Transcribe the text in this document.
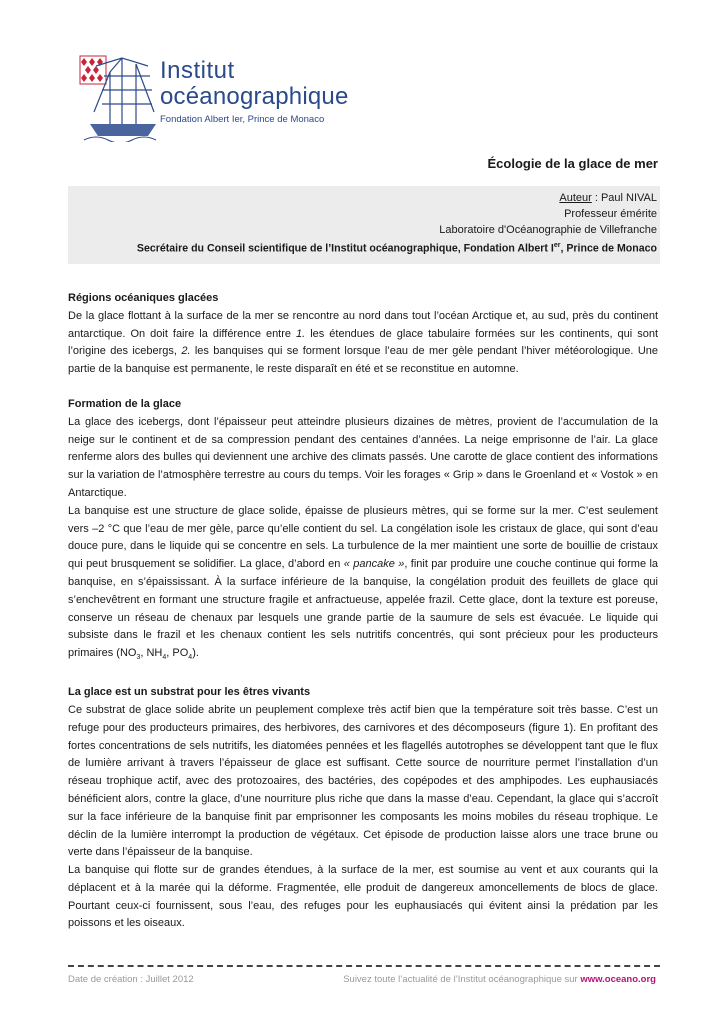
Institut
océanographique
Fondation Albert Ier, Prince de Monaco
Écologie de la glace de mer
Auteur : Paul NIVAL
Professeur émérite
Laboratoire d'Océanographie de Villefranche
Secrétaire du Conseil scientifique de l’Institut océanographique, Fondation Albert Ier, Prince de Monaco
Régions océaniques glacées

De la glace flottant à la surface de la mer se rencontre au nord dans tout l’océan Arctique et, au sud, près du continent antarctique. On doit faire la différence entre 1. les étendues de glace tabulaire formées sur les continents, qui sont l’origine des icebergs, 2. les banquises qui se forment lorsque l’eau de mer gèle pendant l’hiver météorologique. Une partie de la banquise est permanente, le reste disparaît en été et se reconstitue en automne.

Formation de la glace

La glace des icebergs, dont l’épaisseur peut atteindre plusieurs dizaines de mètres, provient de l’accumulation de la neige sur le continent et de sa compression pendant des centaines d’années. La neige emprisonne de l’air. La glace renferme alors des bulles qui deviennent une archive des climats passés. Une carotte de glace contient des informations sur la variation de l’atmosphère terrestre au cours du temps. Voir les forages « Grip » dans le Groenland et « Vostok » en Antarctique.

La banquise est une structure de glace solide, épaisse de plusieurs mètres, qui se forme sur la mer. C’est seulement vers –2 °C que l’eau de mer gèle, parce qu’elle contient du sel. La congélation isole les cristaux de glace, qui sont d’eau douce pure, dans le liquide qui se concentre en sels. La turbulence de la mer maintient une sorte de bouillie de cristaux qui peut brusquement se solidifier. La glace, d’abord en « pancake », finit par produire une couche continue qui forme la banquise, en s’épaississant. À la surface inférieure de la banquise, la congélation produit des feuillets de glace qui s’enchevêtrent en formant une structure fragile et anfractueuse, appelée frazil. Cette glace, dont la texture est poreuse, conserve un réseau de chenaux par lesquels une grande partie de la saumure de sels est évacuée. Le liquide qui subsiste dans le frazil et les chenaux contient les sels nutritifs concentrés, qui sont précieux pour les producteurs primaires ($NO_3$, $NH_4$, $PO_4$).

La glace est un substrat pour les êtres vivants

Ce substrat de glace solide abrite un peuplement complexe très actif bien que la température soit très basse. C’est un refuge pour des producteurs primaires, des herbivores, des carnivores et des décomposeurs (figure 1). En profitant des fortes concentrations de sels nutritifs, les diatomées pennées et les flagellés autotrophes se développent tant que le flux de lumière arrivant à travers l’épaisseur de glace est suffisant. Cette source de nourriture permet l’installation d’un réseau trophique actif, avec des protozoaires, des bactéries, des copépodes et des amphipodes. Les euphausiacés bénéficient alors, contre la glace, d’une nourriture plus riche que dans la masse d’eau. Cependant, la glace qui s’accroît sur la face inférieure de la banquise finit par emprisonner les composants les moins mobiles du réseau trophique. Le déclin de la lumière interrompt la production de végétaux. Cet épisode de production laisse alors une trace brune ou verte dans l’épaisseur de la banquise.

La banquise qui flotte sur de grandes étendues, à la surface de la mer, est soumise au vent et aux courants qui la déplacent et à la marée qui la déforme. Fragmentée, elle produit de dangereux amoncellements de blocs de glace. Pourtant ceux-ci fournissent, sous l’eau, des refuges pour les euphausiacés qui évitent ainsi la prédation par les poissons et les oiseaux.

Date de création : Juillet 2012	Suivez toute l’actualité de l’Institut océanographique sur www.oceano.org
